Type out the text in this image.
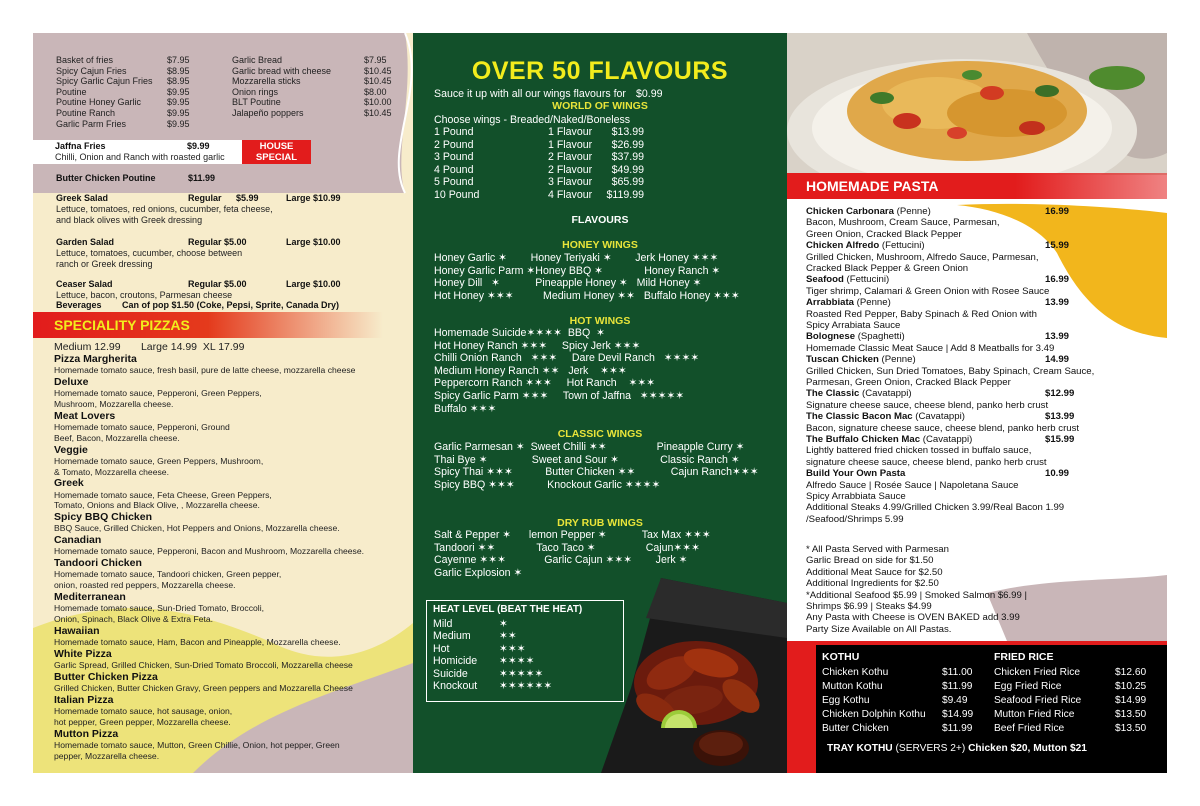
Basket of fries	$7.95
Spicy Cajun Fries	$8.95
Spicy Garlic Cajun Fries $8.95
Poutine	$9.95
Poutine Honey Garlic	$9.95
Poutine Ranch	$9.95
Garlic Parm Fries	$9.95
Garlic Bread	$7.95
Garlic bread with cheese	$10.45
Mozzarella sticks	$10.45
Onion rings	$8.00
BLT Poutine	$10.00
Jalapeño poppers	$10.45
Jaffna Fries	$9.99
Chilli, Onion and Ranch with roasted garlic
HOUSE
SPECIAL
Butter Chicken Poutine	$11.99
Greek Salad	Regular $5.99	Large $10.99
Lettuce, tomatoes, red onions, cucumber, feta cheese,
and black olives with Greek dressing
Garden Salad	Regular $5.00	Large $10.00
Lettuce, tomatoes, cucumber, choose between
ranch or Greek dressing
Ceaser Salad	Regular $5.00	Large $10.00
Lettuce, bacon, croutons, Parmesan cheese
Beverages Can of pop $1.50 (Coke, Pepsi, Sprite, Canada Dry)
SPECIALITY PIZZAS
Medium 12.99       Large 14.99  XL 17.99
Pizza Margherita
Homemade tomato sauce, fresh basil, pure de latte cheese, mozzarella cheese
Deluxe
Homemade tomato sauce, Pepperoni, Green Peppers,
Mushroom, Mozzarella cheese.
Meat Lovers
Homemade tomato sauce, Pepperoni, Ground
Beef, Bacon, Mozzarella cheese.
Veggie
Homemade tomato sauce, Green Peppers, Mushroom,
& Tomato, Mozzarella cheese.
Greek
Homemade tomato sauce, Feta Cheese, Green Peppers,
Tomato, Onions and Black Olive, , Mozzarella cheese.
Spicy BBQ Chicken
BBQ Sauce, Grilled Chicken, Hot Peppers and Onions, Mozzarella cheese.
Canadian
Homemade tomato sauce, Pepperoni, Bacon and Mushroom, Mozzarella cheese.
Tandoori Chicken
Homemade tomato sauce, Tandoori chicken, Green pepper,
onion, roasted red peppers, Mozzarella cheese.
Mediterranean
Homemade tomato sauce, Sun-Dried Tomato, Broccoli,
Onion, Spinach, Black Olive & Extra Feta.
Hawaiian
Homemade tomato sauce, Ham, Bacon and Pineapple, Mozzarella cheese.
White Pizza
Garlic Spread, Grilled Chicken, Sun-Dried Tomato Broccoli, Mozzarella cheese
Butter Chicken Pizza
Grilled Chicken, Butter Chicken Gravy, Green peppers and Mozzarella Cheese
Italian Pizza
Homemade tomato sauce, hot sausage, onion,
hot pepper, Green pepper, Mozzarella cheese.
Mutton Pizza
Homemade tomato sauce, Mutton, Green Chillie, Onion, hot pepper, Green
pepper, Mozzarella cheese.
OVER 50 FLAVOURS
Sauce it up with all our wings flavours for $0.99
WORLD OF WINGS
Choose wings - Breaded/Naked/Boneless
1 Pound	1 Flavour $13.99
2 Pound	1 Flavour $26.99
3 Pound	2 Flavour $37.99
4 Pound	2 Flavour $49.99
5 Pound	3 Flavour $65.99
10 Pound	4 Flavour $119.99
FLAVOURS
HONEY WINGS
Honey Garlic ✶        Honey Teriyaki ✶        Jerk Honey ✶✶✶
Honey Garlic Parm ✶Honey BBQ ✶              Honey Ranch ✶
Honey Dill   ✶            Pineapple Honey ✶   Mild Honey ✶
Hot Honey ✶✶✶          Medium Honey ✶✶   Buffalo Honey ✶✶✶
HOT WINGS
Homemade Suicide✶✶✶✶  BBQ  ✶
Hot Honey Ranch ✶✶✶     Spicy Jerk ✶✶✶
Chilli Onion Ranch   ✶✶✶     Dare Devil Ranch   ✶✶✶✶
Medium Honey Ranch ✶✶   Jerk    ✶✶✶
Peppercorn Ranch ✶✶✶     Hot Ranch    ✶✶✶
Spicy Garlic Parm ✶✶✶     Town of Jaffna   ✶✶✶✶✶
Buffalo ✶✶✶
CLASSIC WINGS
Garlic Parmesan ✶  Sweet Chilli ✶✶                 Pineapple Curry ✶
Thai Bye ✶               Sweet and Sour ✶              Classic Ranch ✶
Spicy Thai ✶✶✶           Butter Chicken ✶✶            Cajun Ranch✶✶✶
Spicy BBQ ✶✶✶           Knockout Garlic ✶✶✶✶
DRY RUB WINGS
Salt & Pepper ✶      lemon Pepper ✶            Tax Max ✶✶✶
Tandoori ✶✶              Taco Taco ✶                 Cajun✶✶✶
Cayenne ✶✶✶             Garlic Cajun ✶✶✶        Jerk ✶
Garlic Explosion ✶
HEAT LEVEL (BEAT THE HEAT)
Mild	✶
Medium	✶✶
Hot	✶✶✶
Homicide ✶✶✶✶
Suicide	✶✶✶✶✶
Knockout ✶✶✶✶✶✶
HOMEMADE PASTA
Chicken Carbonara (Penne)	16.99
Bacon, Mushroom, Cream Sauce, Parmesan,
Green Onion, Cracked Black Pepper
Chicken Alfredo (Fettucini)	15.99
Grilled Chicken, Mushroom, Alfredo Sauce, Parmesan,
Cracked Black Pepper & Green Onion
Seafood (Fettucini)	16.99
Tiger shrimp, Calamari & Green Onion with Rosee Sauce
Arrabbiata (Penne)	13.99
Roasted Red Pepper, Baby Spinach & Red Onion with
Spicy Arrabiata Sauce
Bolognese (Spaghetti)	13.99
Homemade Classic Meat Sauce | Add 8 Meatballs for 3.49
Tuscan Chicken (Penne)	14.99
Grilled Chicken, Sun Dried Tomatoes, Baby Spinach, Cream Sauce,
Parmesan, Green Onion, Cracked Black Pepper
The Classic (Cavatappi)	$12.99
Signature cheese sauce, cheese blend, panko herb crust
The Classic Bacon Mac (Cavatappi)	$13.99
Bacon, signature cheese sauce, cheese blend, panko herb crust
The Buffalo Chicken Mac (Cavatappi)	$15.99
Lightly battered fried chicken tossed in buffalo sauce,
signature cheese sauce, cheese blend, panko herb crust
Build Your Own Pasta	10.99
Alfredo Sauce | Rosée Sauce | Napoletana Sauce
Spicy Arrabbiata Sauce
Additional Steaks 4.99/Grilled Chicken 3.99/Real Bacon 1.99
/Seafood/Shrimps 5.99
* All Pasta Served with Parmesan
Garlic Bread on side for $1.50
Additional Meat Sauce for $2.50
Additional Ingredients for $2.50
*Additional Seafood $5.99 | Smoked Salmon $6.99 |
Shrimps $6.99 | Steaks $4.99
Any Pasta with Cheese is OVEN BAKED add 3.99
Party Size Available on All Pastas.
KOTHU	FRIED RICE
Chicken Kothu	$11.00
Mutton Kothu	$11.99
Egg Kothu	$9.49
Chicken Dolphin Kothu $14.99
Butter Chicken	$11.99
Chicken Fried Rice	$12.60
Egg Fried Rice	$10.25
Seafood Fried Rice	$14.99
Mutton Fried Rice	$13.50
Beef Fried Rice	$13.50
TRAY KOTHU (SERVERS 2+) Chicken $20, Mutton $21
